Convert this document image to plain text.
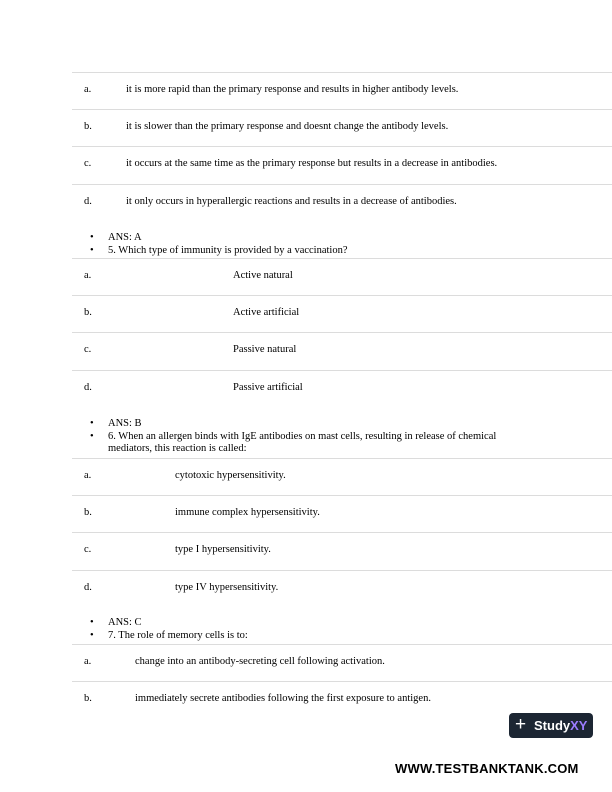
a.	it is more rapid than the primary response and results in higher antibody levels.
b.	it is slower than the primary response and doesnt change the antibody levels.
c.	it occurs at the same time as the primary response but results in a decrease in antibodies.
d.	it only occurs in hyperallergic reactions and results in a decrease of antibodies.
• ANS: A
• 5. Which type of immunity is provided by a vaccination?
a.	Active natural
b.	Active artificial
c.	Passive natural
d.	Passive artificial
• ANS: B
• 6. When an allergen binds with IgE antibodies on mast cells, resulting in release of chemical mediators, this reaction is called:
a.	cytotoxic hypersensitivity.
b.	immune complex hypersensitivity.
c.	type I hypersensitivity.
d.	type IV hypersensitivity.
• ANS: C
• 7. The role of memory cells is to:
a.	change into an antibody-secreting cell following activation.
b.	immediately secrete antibodies following the first exposure to antigen.
+ StudyXY
WWW.TESTBANKTANK.COM
